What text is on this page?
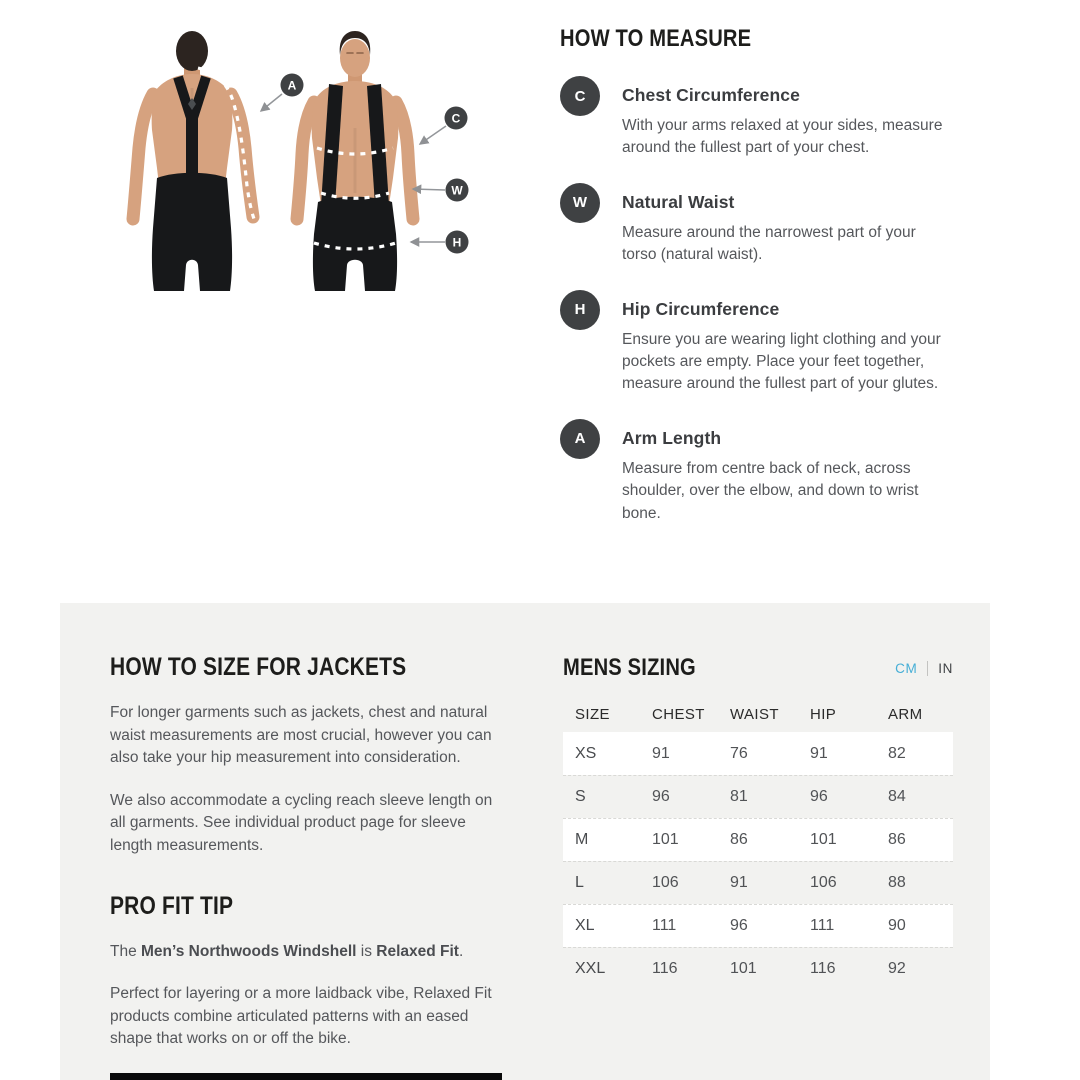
A
C
W
H
HOW TO MEASURE
C	Chest Circumference
With your arms relaxed at your sides, measure around the fullest part of your chest.
W	Natural Waist
Measure around the narrowest part of your torso (natural waist).
H	Hip Circumference
Ensure you are wearing light clothing and your pockets are empty. Place your feet together, measure around the fullest part of your glutes.
A	Arm Length
Measure from centre back of neck, across shoulder, over the elbow, and down to wrist bone.
HOW TO SIZE FOR JACKETS

For longer garments such as jackets, chest and natural waist measurements are most crucial, however you can also take your hip measurement into consideration.

We also accommodate a cycling reach sleeve length on all garments. See individual product page for sleeve length measurements.

PRO FIT TIP

The Men’s Northwoods Windshell is Relaxed Fit.

Perfect for layering or a more laidback vibe, Relaxed Fit products combine articulated patterns with an eased shape that works on or off the bike.

MENS SIZING	CM IN
SIZE	CHEST	WAIST	HIP	ARM
XS	91	76	91	82
S	96	81	96	84
M	101	86	101	86
L	106	91	106	88
XL	111	96	111	90
XXL	116	101	116	92
